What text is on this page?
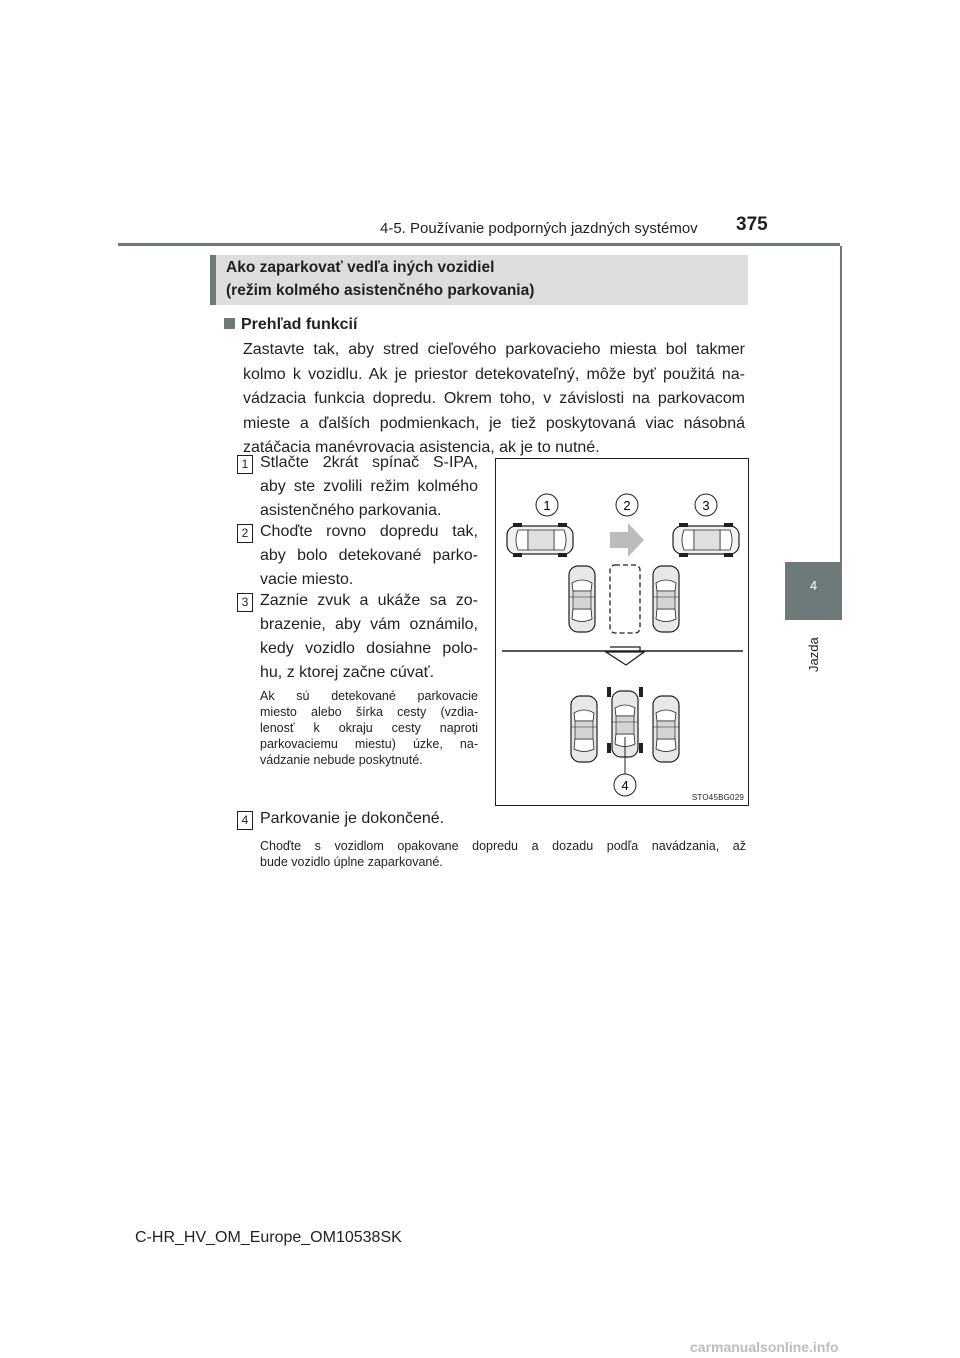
4-5. Používanie podporných jazdných systémov 375
4
Jazda
Ako zaparkovať vedľa iných vozidiel
(režim kolmého asistenčného parkovania)
Prehľad funkcií
Zastavte tak, aby stred cieľového parkovacieho miesta bol takmer
kolmo k vozidlu. Ak je priestor detekovateľný, môže byť použitá na-
vádzacia funkcia dopredu. Okrem toho, v závislosti na parkovacom
mieste a ďalších podmienkach, je tiež poskytovaná viac násobná
zatáčacia manévrovacia asistencia, ak je to nutné.
1 Stlačte 2krát spínač S-IPA,
aby ste zvolili režim kolmého
asistenčného parkovania.
2 Choďte rovno dopredu tak,
aby bolo detekované parko-
vacie miesto.
3 Zaznie zvuk a ukáže sa zo-
brazenie, aby vám oznámilo,
kedy vozidlo dosiahne polo-
hu, z ktorej začne cúvať.
Ak sú detekované parkovacie
miesto alebo šírka cesty (vzdia-
lenosť k okraju cesty naproti
parkovaciemu miestu) úzke, na-
vádzanie nebude poskytnuté.
1	2	3
4
STO45BG029
4 Parkovanie je dokončené.
Choďte s vozidlom opakovane dopredu a dozadu podľa navádzania, až
bude vozidlo úplne zaparkované.
C-HR_HV_OM_Europe_OM10538SK
carmanualsonline.info
